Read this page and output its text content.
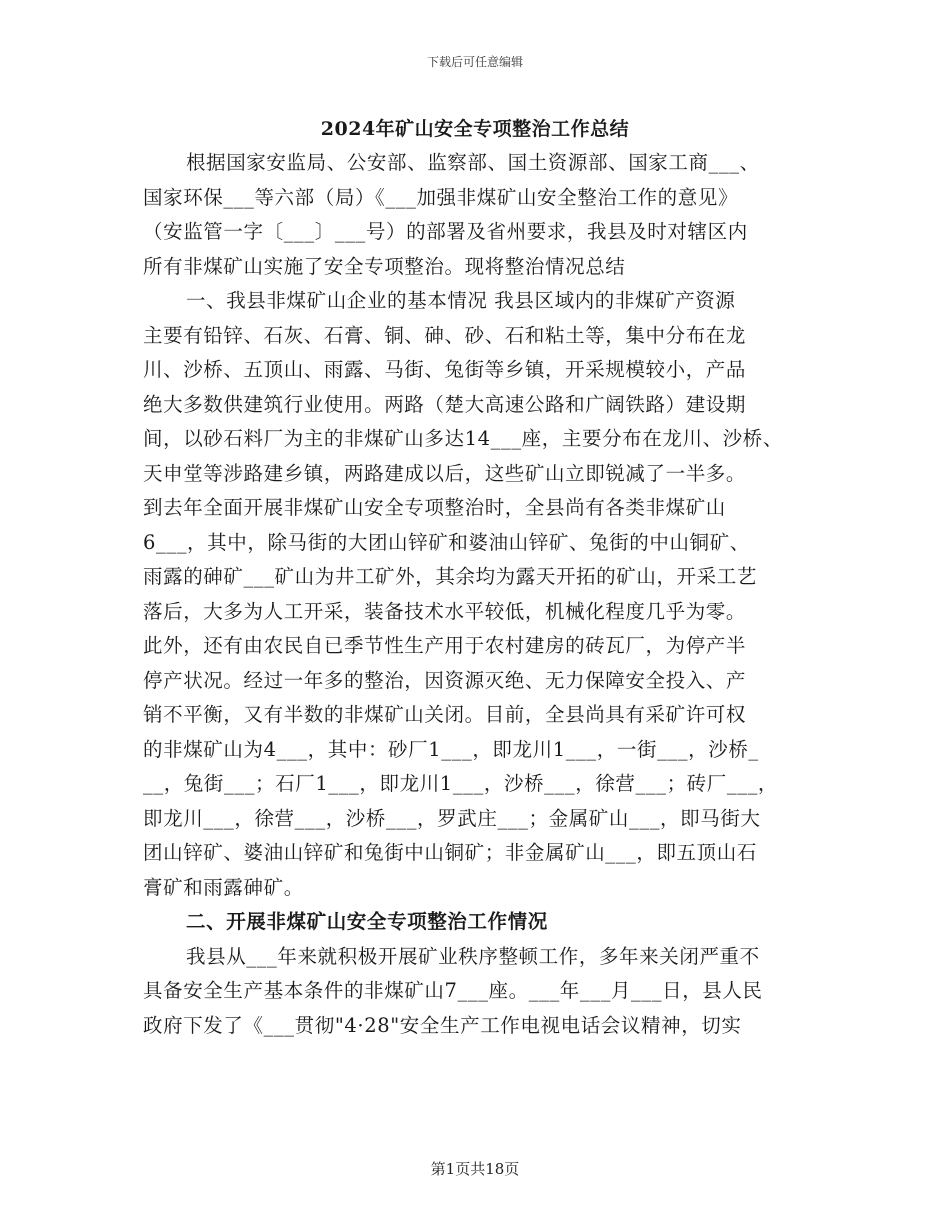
下载后可任意编辑
2024年矿山安全专项整治工作总结
根据国家安监局、公安部、监察部、国土资源部、国家工商___、
国家环保___等六部（局）《___加强非煤矿山安全整治工作的意见》
（安监管一字〔___〕___号）的部署及省州要求，我县及时对辖区内
所有非煤矿山实施了安全专项整治。现将整治情况总结
一、我县非煤矿山企业的基本情况 我县区域内的非煤矿产资源
主要有铅锌、石灰、石膏、铜、砷、砂、石和粘土等，集中分布在龙
川、沙桥、五顶山、雨露、马街、兔街等乡镇，开采规模较小，产品
绝大多数供建筑行业使用。两路（楚大高速公路和广阔铁路）建设期
间，以砂石料厂为主的非煤矿山多达14___座，主要分布在龙川、沙桥、
天申堂等涉路建乡镇，两路建成以后，这些矿山立即锐减了一半多。
到去年全面开展非煤矿山安全专项整治时，全县尚有各类非煤矿山
6___，其中，除马街的大团山锌矿和婆油山锌矿、兔街的中山铜矿、
雨露的砷矿___矿山为井工矿外，其余均为露天开拓的矿山，开采工艺
落后，大多为人工开采，装备技术水平较低，机械化程度几乎为零。
此外，还有由农民自已季节性生产用于农村建房的砖瓦厂，为停产半
停产状况。经过一年多的整治，因资源灭绝、无力保障安全投入、产
销不平衡，又有半数的非煤矿山关闭。目前，全县尚具有采矿许可权
的非煤矿山为4___，其中：砂厂1___，即龙川1___，一街___，沙桥_
__，兔街___；石厂1___，即龙川1___，沙桥___，徐营___；砖厂___，
即龙川___，徐营___，沙桥___，罗武庄___；金属矿山___，即马街大
团山锌矿、婆油山锌矿和兔街中山铜矿；非金属矿山___，即五顶山石
膏矿和雨露砷矿。
二、开展非煤矿山安全专项整治工作情况
我县从___年来就积极开展矿业秩序整顿工作，多年来关闭严重不
具备安全生产基本条件的非煤矿山7___座。___年___月___日，县人民
政府下发了《___贯彻"4·28"安全生产工作电视电话会议精神，切实
第1页共18页
